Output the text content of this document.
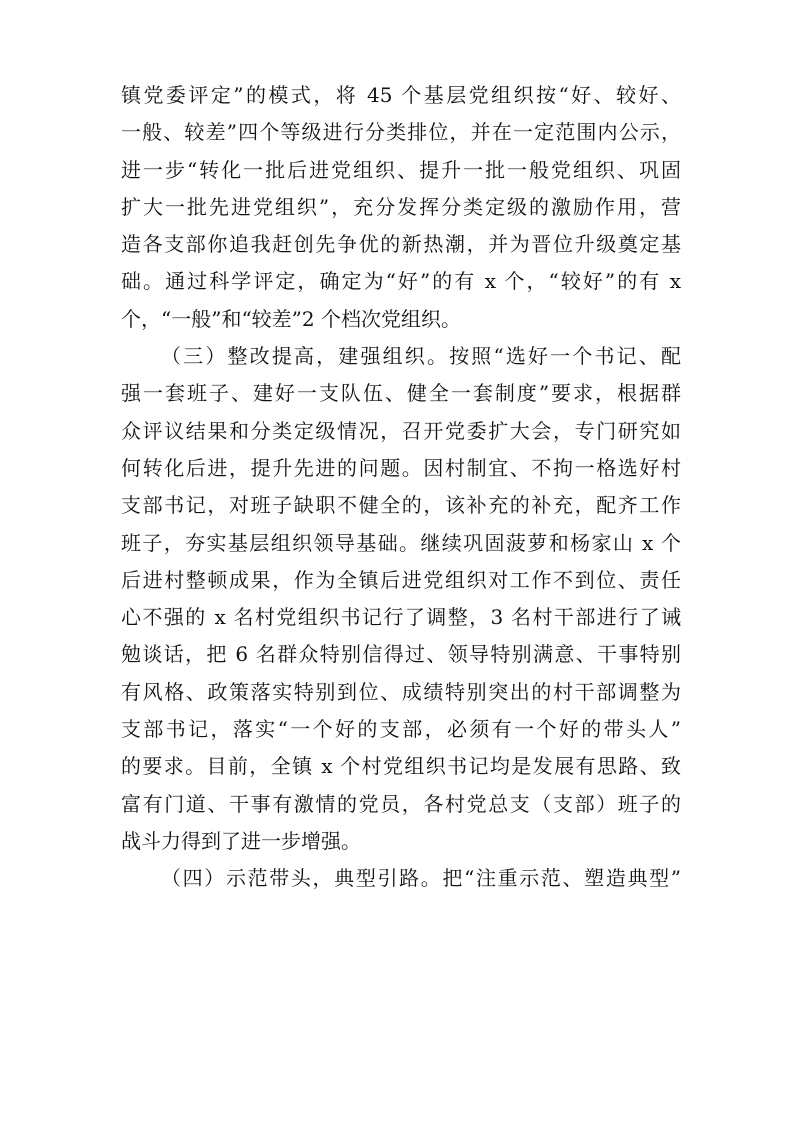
镇党委评定”的模式，将 45 个基层党组织按“好、较好、
一般、较差”四个等级进行分类排位，并在一定范围内公示，
进一步“转化一批后进党组织、提升一批一般党组织、巩固
扩大一批先进党组织”，充分发挥分类定级的激励作用，营
造各支部你追我赶创先争优的新热潮，并为晋位升级奠定基
础。通过科学评定，确定为“好”的有 x 个，“较好”的有 x
个，“一般”和“较差”2 个档次党组织。
（三）整改提高，建强组织。按照“选好一个书记、配
强一套班子、建好一支队伍、健全一套制度”要求，根据群
众评议结果和分类定级情况，召开党委扩大会，专门研究如
何转化后进，提升先进的问题。因村制宜、不拘一格选好村
支部书记，对班子缺职不健全的，该补充的补充，配齐工作
班子，夯实基层组织领导基础。继续巩固菠萝和杨家山 x 个
后进村整顿成果，作为全镇后进党组织对工作不到位、责任
心不强的 x 名村党组织书记行了调整，3 名村干部进行了诫
勉谈话，把 6 名群众特别信得过、领导特别满意、干事特别
有风格、政策落实特别到位、成绩特别突出的村干部调整为
支部书记，落实“一个好的支部，必须有一个好的带头人”
的要求。目前，全镇 x 个村党组织书记均是发展有思路、致
富有门道、干事有激情的党员，各村党总支（支部）班子的
战斗力得到了进一步增强。
（四）示范带头，典型引路。把“注重示范、塑造典型”
